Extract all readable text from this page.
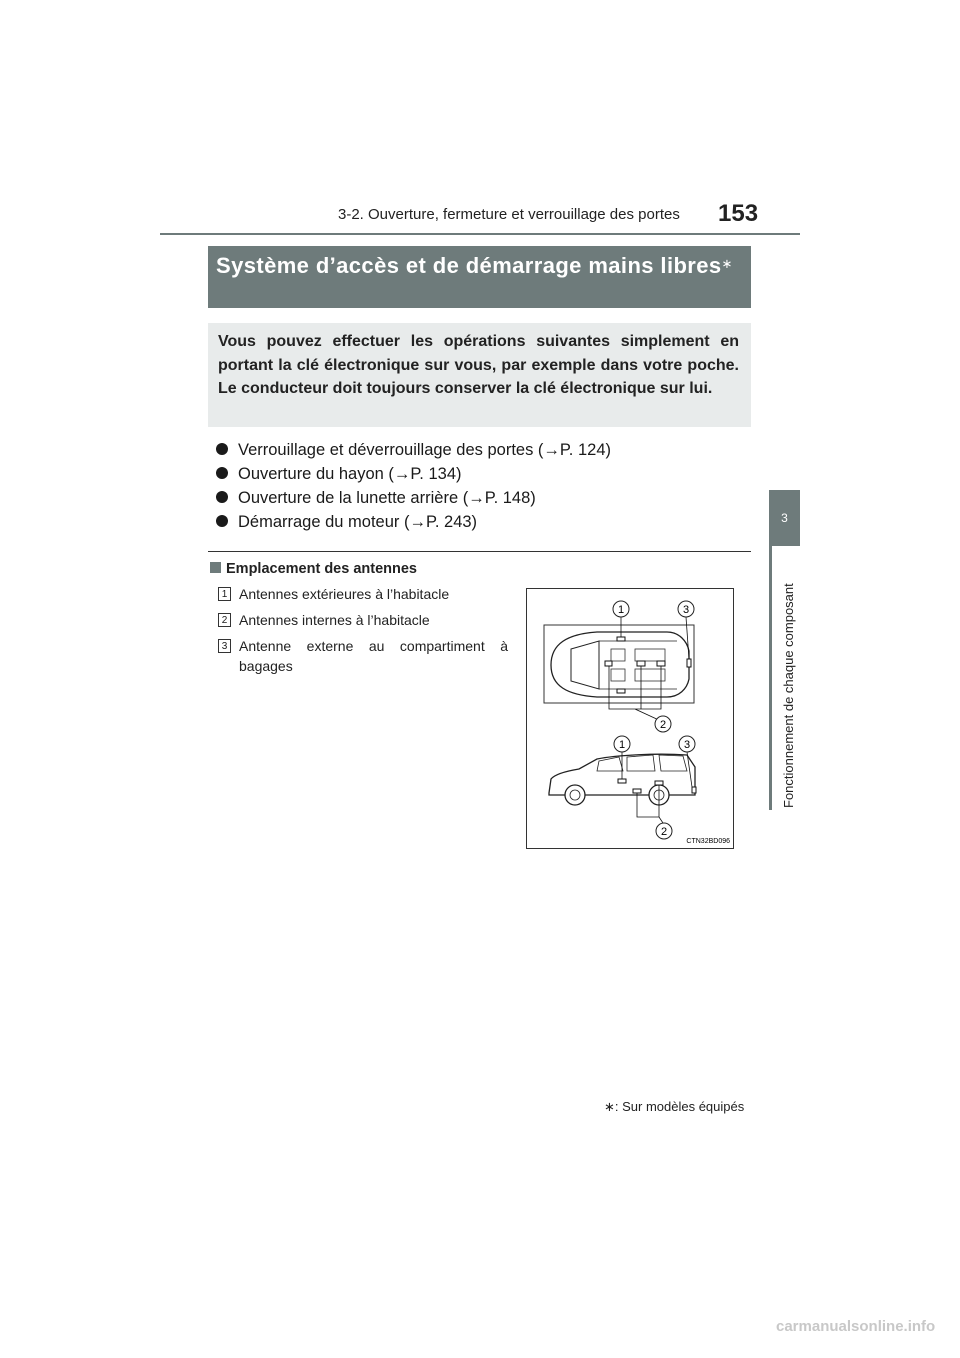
3-2. Ouverture, fermeture et verrouillage des portes 153
3
Fonctionnement de chaque composant
Système d’accès et de démarrage mains libres∗
Vous pouvez effectuer les opérations suivantes simplement en portant la clé électronique sur vous, par exemple dans votre poche. Le conducteur doit toujours conserver la clé électronique sur lui.
Verrouillage et déverrouillage des portes (→P. 124)
Ouverture du hayon (→P. 134)
Ouverture de la lunette arrière (→P. 148)
Démarrage du moteur (→P. 243)
Emplacement des antennes
1 Antennes extérieures à l’habitacle
2 Antennes internes à l’habitacle
3 Antenne externe au compartiment à bagages
1	3
2
1	3
2
CTN32BD096
∗: Sur modèles équipés
carmanualsonline.info
